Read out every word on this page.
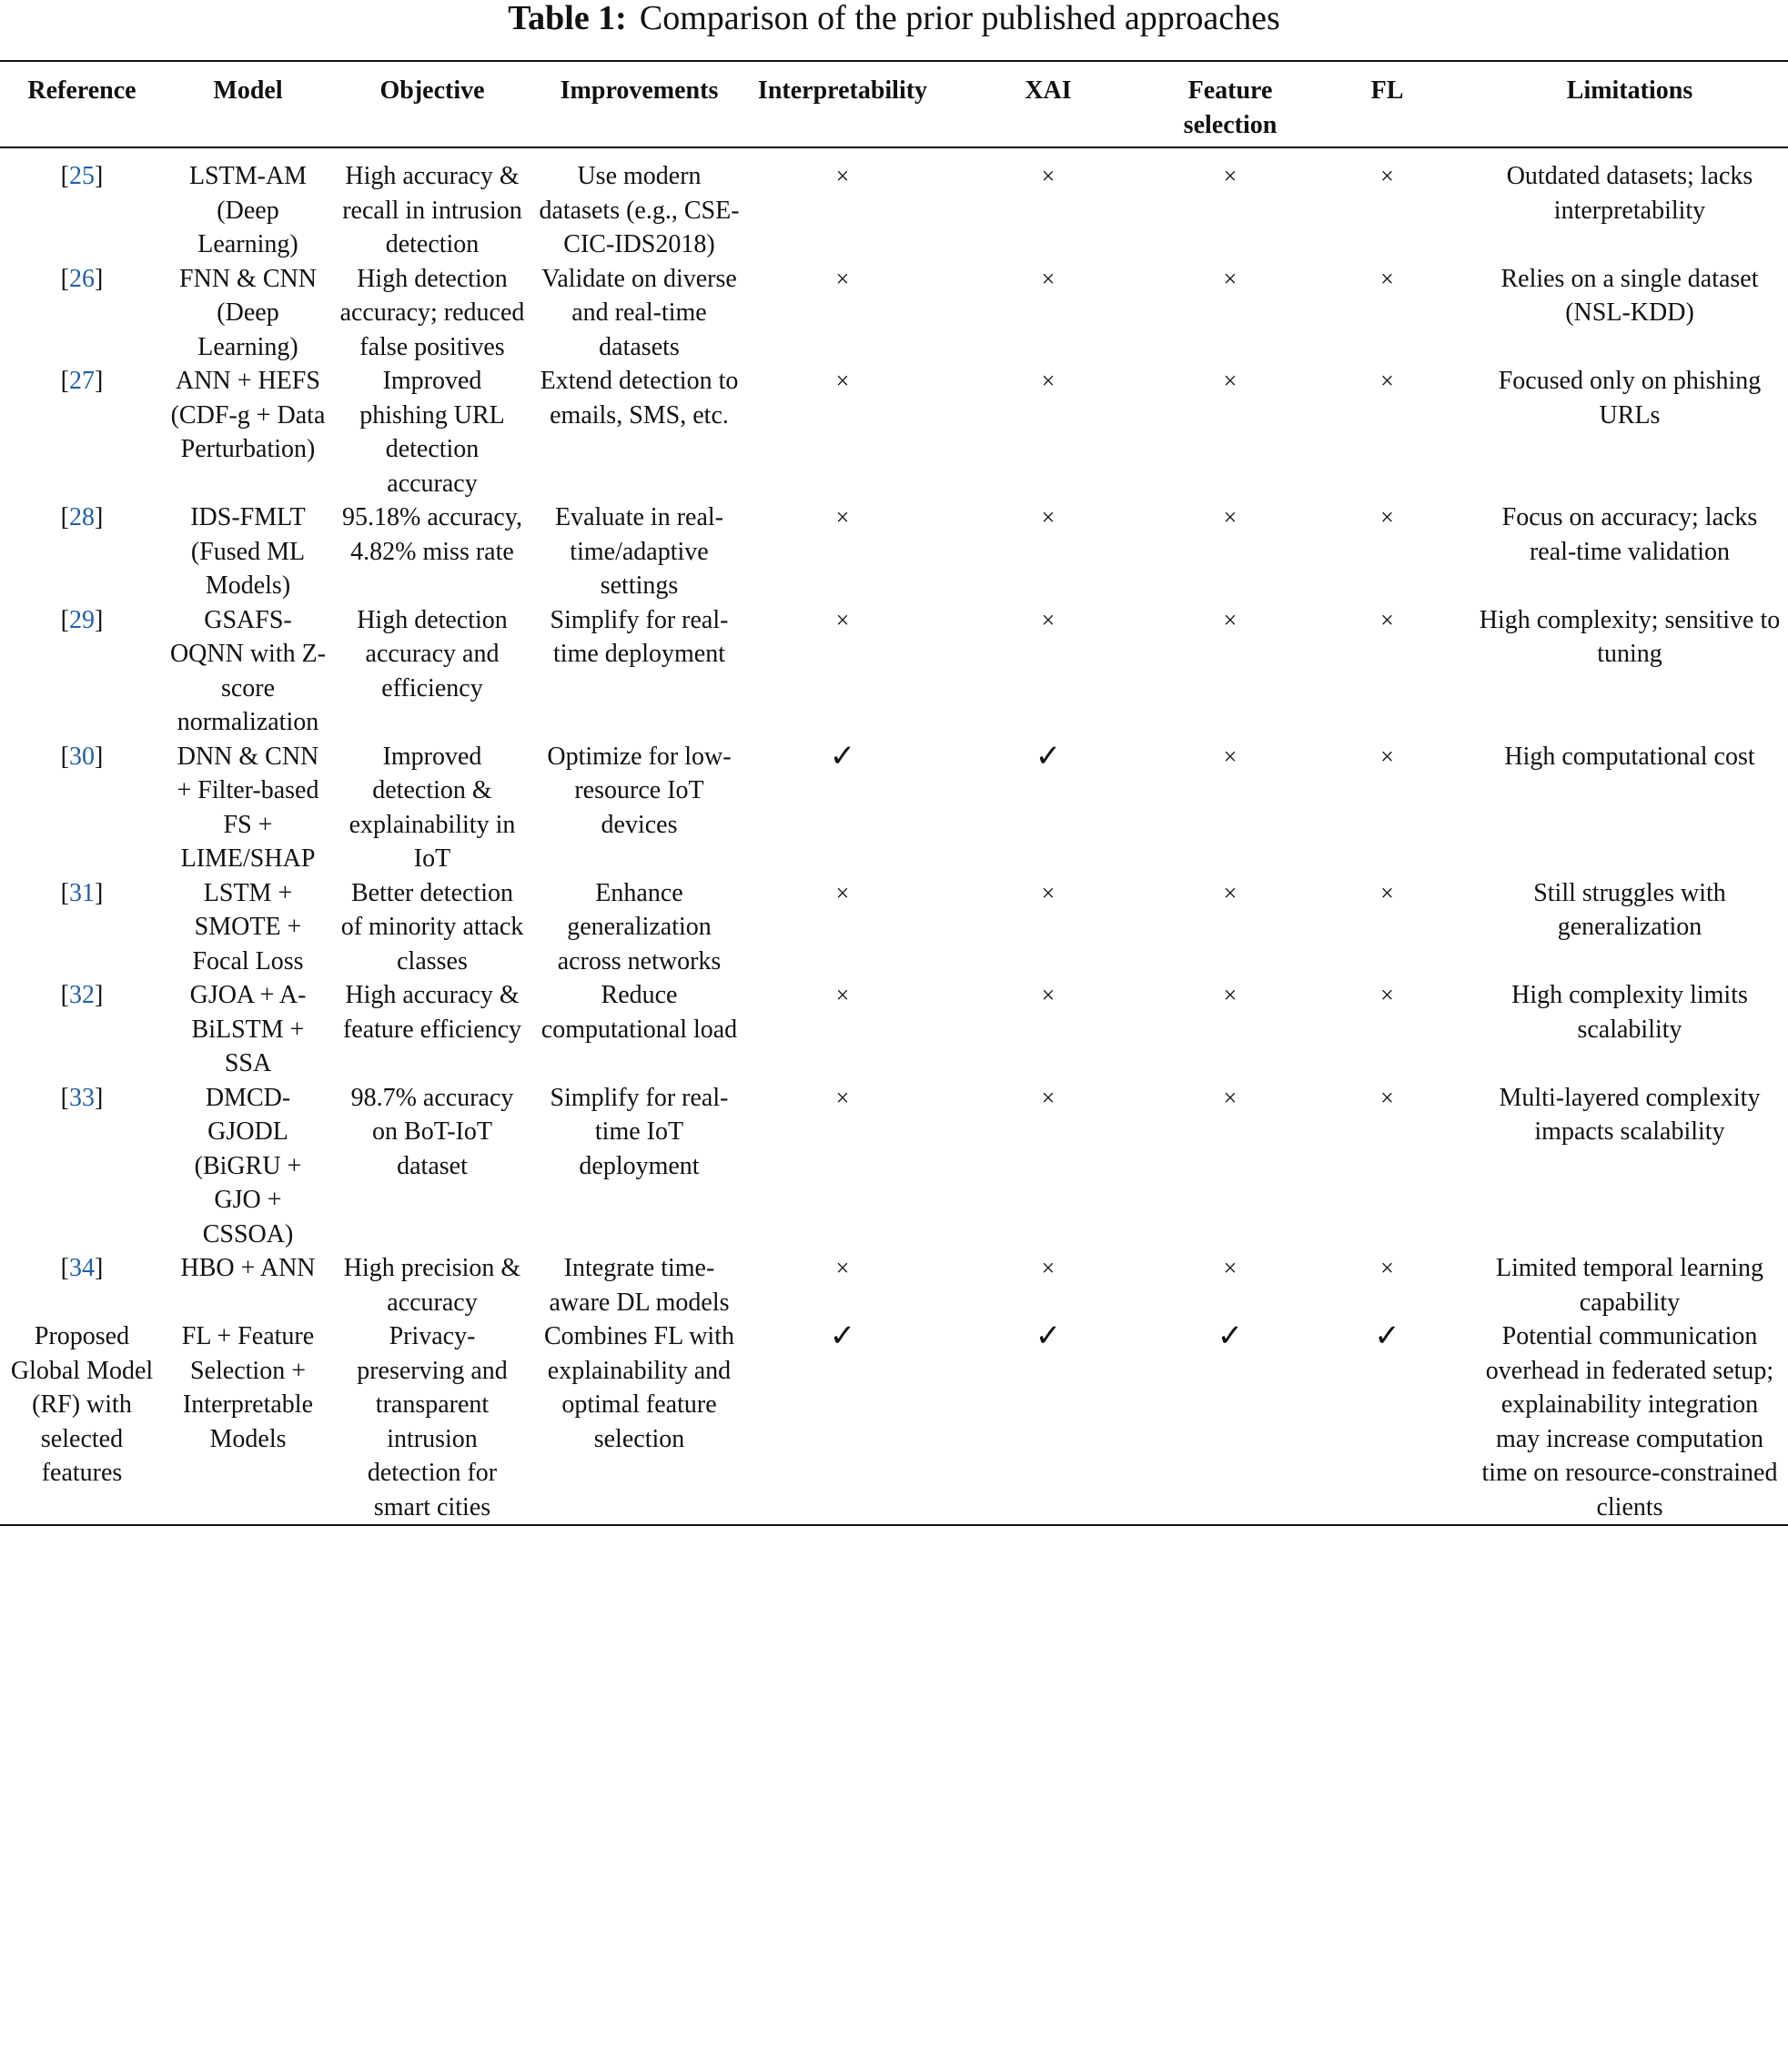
Table 1: Comparison of the prior published approaches
Reference	Model	Objective	Improvements	Interpretability	XAI	Feature selection	FL	Limitations
[25]	LSTM-AM (Deep Learning)	High accuracy & recall in intrusion detection	Use modern datasets (e.g., CSE-CIC-IDS2018)	×	×	×	×	Outdated datasets; lacks interpretability
[26]	FNN & CNN (Deep Learning)	High detection accuracy; reduced false positives	Validate on diverse and real-time datasets	×	×	×	×	Relies on a single dataset (NSL-KDD)
[27]	ANN + HEFS (CDF-g + Data Perturbation)	Improved phishing URL detection accuracy	Extend detection to emails, SMS, etc.	×	×	×	×	Focused only on phishing URLs
[28]	IDS-FMLT (Fused ML Models)	95.18% accuracy, 4.82% miss rate	Evaluate in real-time/adaptive settings	×	×	×	×	Focus on accuracy; lacks real-time validation
[29]	GSAFS-OQNN with Z-score normalization	High detection accuracy and efficiency	Simplify for real-time deployment	×	×	×	×	High complexity; sensitive to tuning
[30]	DNN & CNN + Filter-based FS + LIME/SHAP	Improved detection & explainability in IoT	Optimize for low-resource IoT devices	✓	✓	×	×	High computational cost
[31]	LSTM + SMOTE + Focal Loss	Better detection of minority attack classes	Enhance generalization across networks	×	×	×	×	Still struggles with generalization
[32]	GJOA + A-BiLSTM + SSA	High accuracy & feature efficiency	Reduce computational load	×	×	×	×	High complexity limits scalability
[33]	DMCD-GJODL (BiGRU + GJO + CSSOA)	98.7% accuracy on BoT-IoT dataset	Simplify for real-time IoT deployment	×	×	×	×	Multi-layered complexity impacts scalability
[34]	HBO + ANN	High precision & accuracy	Integrate time-aware DL models	×	×	×	×	Limited temporal learning capability
Proposed Global Model (RF) with selected features	FL + Feature Selection + Interpretable Models	Privacy-preserving and transparent intrusion detection for smart cities	Combines FL with explainability and optimal feature selection	✓	✓	✓	✓	Potential communication overhead in federated setup; explainability integration may increase computation time on resource-constrained clients
